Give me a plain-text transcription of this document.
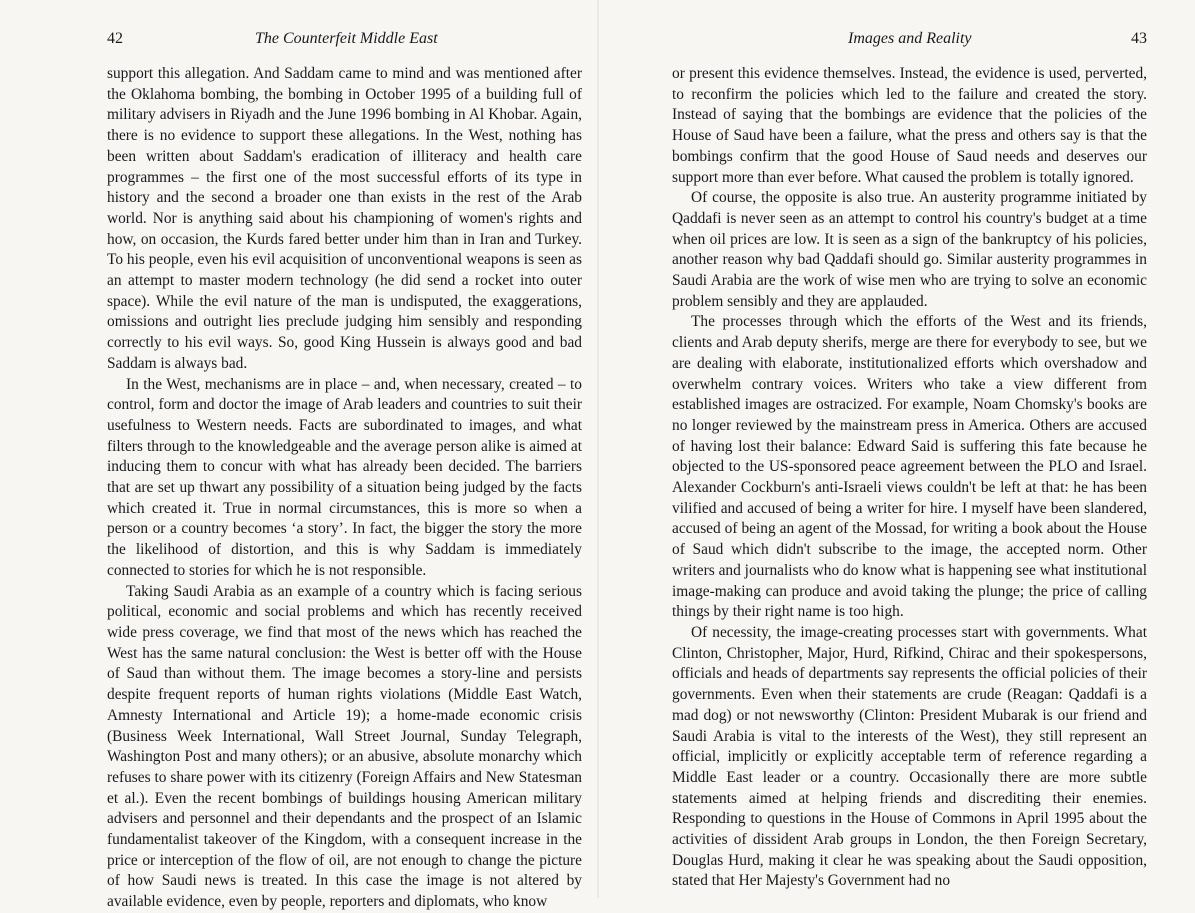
42	The Counterfeit Middle East

support this allegation. And Saddam came to mind and was mentioned after the Oklahoma bombing, the bombing in October 1995 of a building full of military advisers in Riyadh and the June 1996 bombing in Al Khobar. Again, there is no evidence to support these allegations. In the West, nothing has been written about Saddam's eradication of illiteracy and health care programmes – the first one of the most successful efforts of its type in history and the second a broader one than exists in the rest of the Arab world. Nor is anything said about his championing of women's rights and how, on occasion, the Kurds fared better under him than in Iran and Turkey. To his people, even his evil acquisition of unconventional weapons is seen as an attempt to master modern technology (he did send a rocket into outer space). While the evil nature of the man is undisputed, the exaggerations, omissions and outright lies preclude judging him sensibly and responding correctly to his evil ways. So, good King Hussein is always good and bad Saddam is always bad.

In the West, mechanisms are in place – and, when necessary, created – to control, form and doctor the image of Arab leaders and countries to suit their usefulness to Western needs. Facts are subordinated to images, and what filters through to the knowledgeable and the average person alike is aimed at inducing them to concur with what has already been decided. The barriers that are set up thwart any possibility of a situation being judged by the facts which created it. True in normal circumstances, this is more so when a person or a country becomes ‘a story’. In fact, the bigger the story the more the likelihood of distortion, and this is why Saddam is immediately connected to stories for which he is not responsible.

Taking Saudi Arabia as an example of a country which is facing serious political, economic and social problems and which has recently received wide press coverage, we find that most of the news which has reached the West has the same natural conclusion: the West is better off with the House of Saud than without them. The image becomes a story-line and persists despite frequent reports of human rights violations (Middle East Watch, Amnesty International and Article 19); a home-made economic crisis (Business Week International, Wall Street Journal, Sunday Telegraph, Washington Post and many others); or an abusive, absolute monarchy which refuses to share power with its citizenry (Foreign Affairs and New Statesman et al.). Even the recent bombings of buildings housing American military advisers and personnel and their dependants and the prospect of an Islamic fundamentalist takeover of the Kingdom, with a consequent increase in the price or interception of the flow of oil, are not enough to change the picture of how Saudi news is treated. In this case the image is not altered by available evidence, even by people, reporters and diplomats, who know

Images and Reality	43

or present this evidence themselves. Instead, the evidence is used, perverted, to reconfirm the policies which led to the failure and created the story. Instead of saying that the bombings are evidence that the policies of the House of Saud have been a failure, what the press and others say is that the bombings confirm that the good House of Saud needs and deserves our support more than ever before. What caused the problem is totally ignored.

Of course, the opposite is also true. An austerity programme initiated by Qaddafi is never seen as an attempt to control his country's budget at a time when oil prices are low. It is seen as a sign of the bankruptcy of his policies, another reason why bad Qaddafi should go. Similar austerity programmes in Saudi Arabia are the work of wise men who are trying to solve an economic problem sensibly and they are applauded.

The processes through which the efforts of the West and its friends, clients and Arab deputy sherifs, merge are there for everybody to see, but we are dealing with elaborate, institutionalized efforts which overshadow and overwhelm contrary voices. Writers who take a view different from established images are ostracized. For example, Noam Chomsky's books are no longer reviewed by the mainstream press in America. Others are accused of having lost their balance: Edward Said is suffering this fate because he objected to the US-sponsored peace agreement between the PLO and Israel. Alexander Cockburn's anti-Israeli views couldn't be left at that: he has been vilified and accused of being a writer for hire. I myself have been slandered, accused of being an agent of the Mossad, for writing a book about the House of Saud which didn't subscribe to the image, the accepted norm. Other writers and journalists who do know what is happening see what institutional image-making can produce and avoid taking the plunge; the price of calling things by their right name is too high.

Of necessity, the image-creating processes start with governments. What Clinton, Christopher, Major, Hurd, Rifkind, Chirac and their spokespersons, officials and heads of departments say represents the official policies of their governments. Even when their statements are crude (Reagan: Qaddafi is a mad dog) or not newsworthy (Clinton: President Mubarak is our friend and Saudi Arabia is vital to the interests of the West), they still represent an official, implicitly or explicitly acceptable term of reference regarding a Middle East leader or a country. Occasionally there are more subtle statements aimed at helping friends and discrediting their enemies. Responding to questions in the House of Commons in April 1995 about the activities of dissident Arab groups in London, the then Foreign Secretary, Douglas Hurd, making it clear he was speaking about the Saudi opposition, stated that Her Majesty's Government had no
